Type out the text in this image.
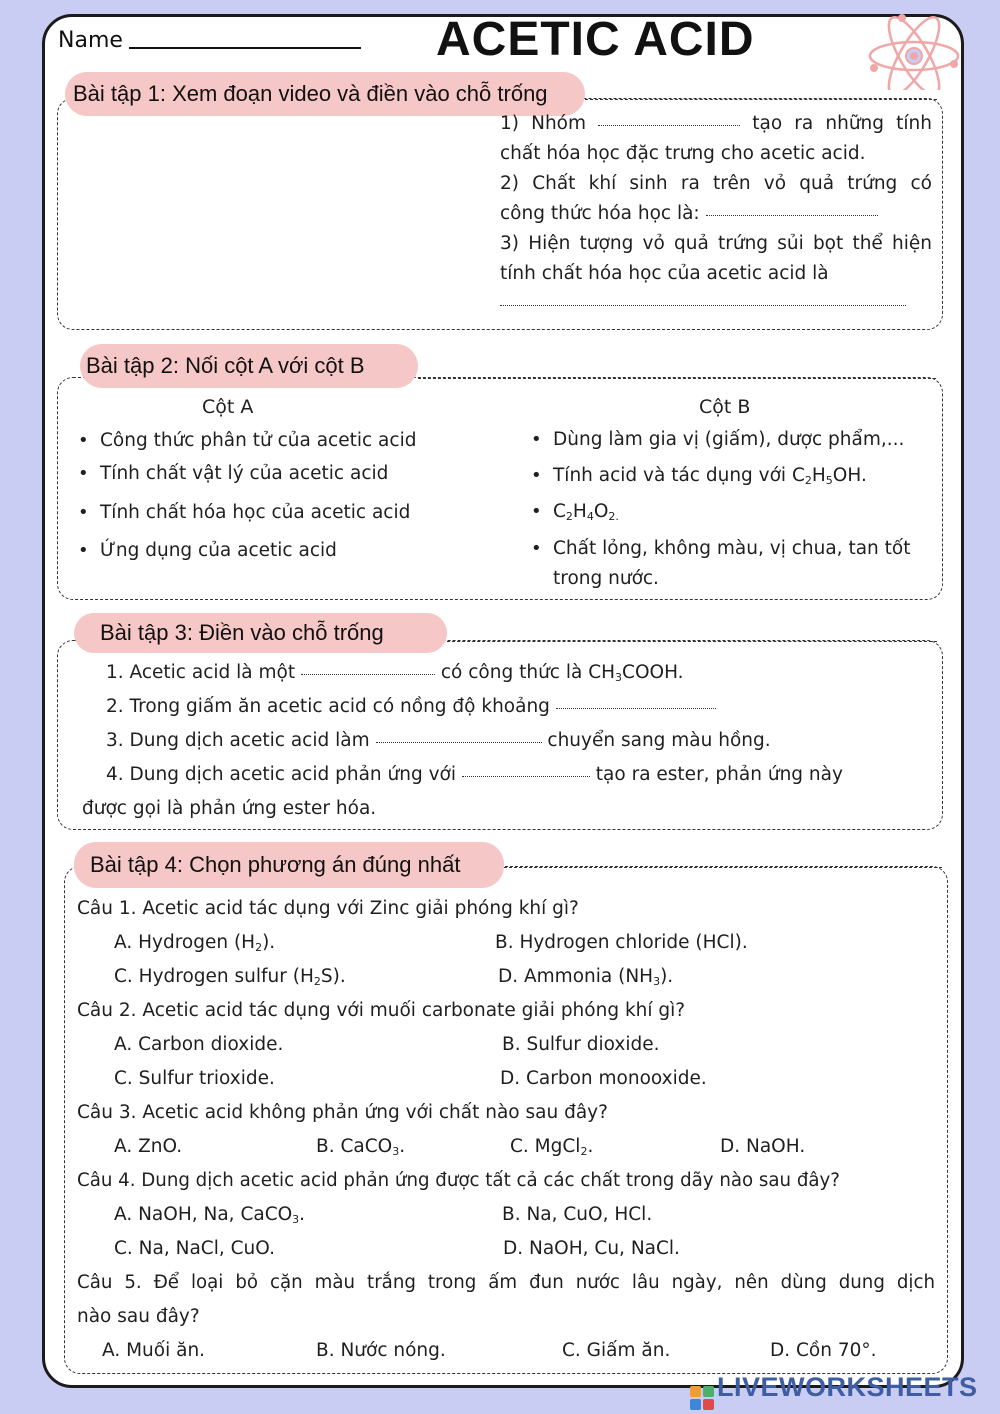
Name	ACETIC ACID
Bài tập 1: Xem đoạn video và điền vào chỗ trống
1) Nhóm	tạo ra những tính
chất hóa học đặc trưng cho acetic acid.
2) Chất khí sinh ra trên vỏ quả trứng có
công thức hóa học là:
3) Hiện tượng vỏ quả trứng sủi bọt thể hiện
tính chất hóa học của acetic acid là
Bài tập 2: Nối cột A với cột B
Cột A	Cột B
• Công thức phân tử của acetic acid
• Tính chất vật lý của acetic acid
• Tính chất hóa học của acetic acid
• Ứng dụng của acetic acid
• Dùng làm gia vị (giấm), dược phẩm,...
• Tính acid và tác dụng với $C_2H_5OH$.
• $C_2H_4O_{2.}$
• Chất lỏng, không màu, vị chua, tan tốt
trong nước.
Bài tập 3: Điền vào chỗ trống
1. Acetic acid là một	có công thức là $CH_3COOH$.
2. Trong giấm ăn acetic acid có nồng độ khoảng
3. Dung dịch acetic acid làm	chuyển sang màu hồng.
4. Dung dịch acetic acid phản ứng với	tạo ra ester, phản ứng này
được gọi là phản ứng ester hóa.
Bài tập 4: Chọn phương án đúng nhất
Câu 1. Acetic acid tác dụng với Zinc giải phóng khí gì?
A. Hydrogen $(H_2)$.	B. Hydrogen chloride (HCl).
C. Hydrogen sulfur $(H_2S)$.	D. Ammonia $(NH_3)$.
Câu 2. Acetic acid tác dụng với muối carbonate giải phóng khí gì?
A. Carbon dioxide.	B. Sulfur dioxide.
C. Sulfur trioxide.	D. Carbon monooxide.
Câu 3. Acetic acid không phản ứng với chất nào sau đây?
A. ZnO.	B. CaCO$_3$.	C. MgCl$_2$.	D. NaOH.
Câu 4. Dung dịch acetic acid phản ứng được tất cả các chất trong dãy nào sau đây?
A. NaOH, Na, CaCO$_3$.	B. Na, CuO, HCl.
C. Na, NaCl, CuO.	D. NaOH, Cu, NaCl.
Câu 5. Để loại bỏ cặn màu trắng trong ấm đun nước lâu ngày, nên dùng dung dịch
nào sau đây?
A. Muối ăn.	B. Nước nóng.	C. Giấm ăn.	D. Cồn 70°.
LIVEWORKSHEETS
